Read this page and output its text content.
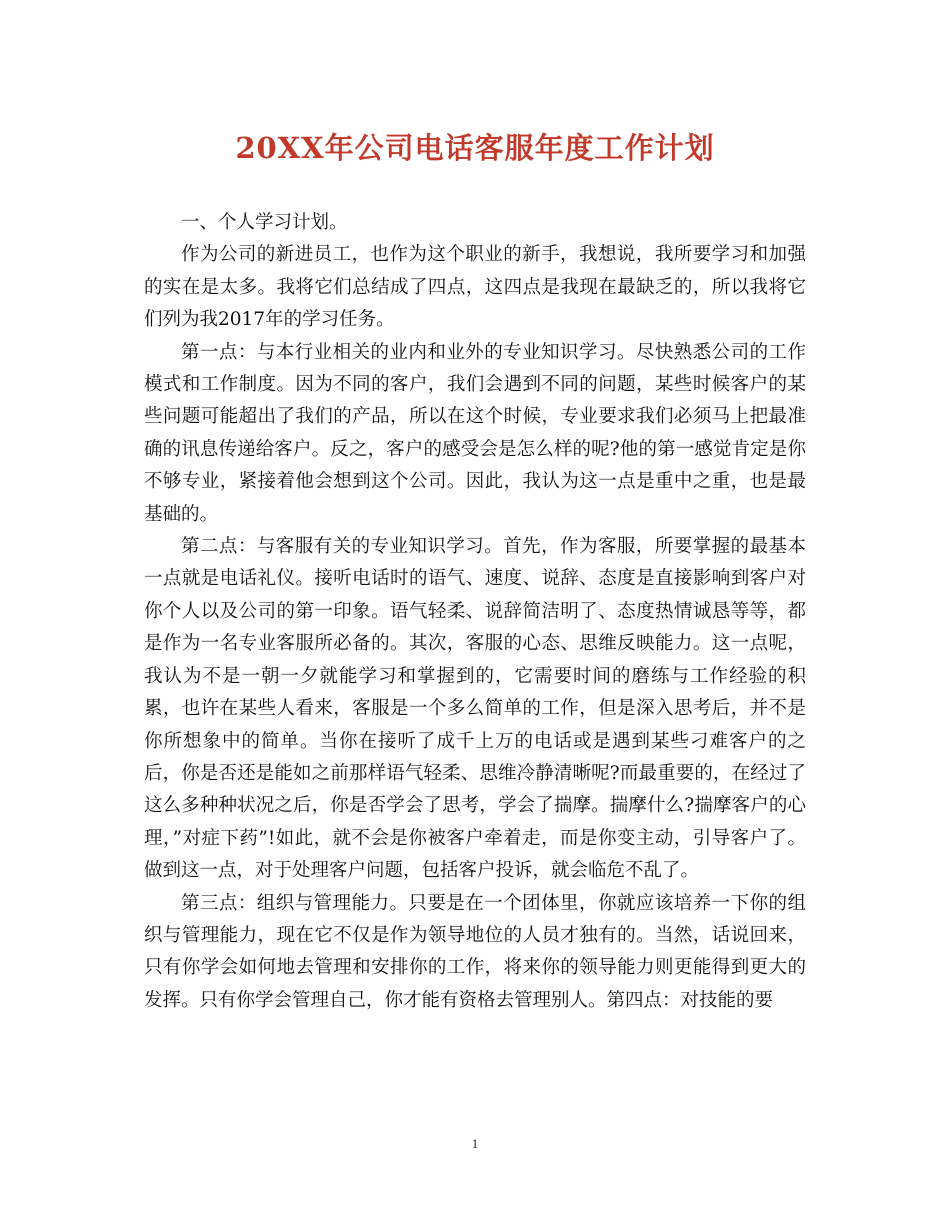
20XX年公司电话客服年度工作计划

一、个人学习计划。

作为公司的新进员工，也作为这个职业的新手，我想说，我所要学习和加强的实在是太多。我将它们总结成了四点，这四点是我现在最缺乏的，所以我将它们列为我2017年的学习任务。

第一点：与本行业相关的业内和业外的专业知识学习。尽快熟悉公司的工作模式和工作制度。因为不同的客户，我们会遇到不同的问题，某些时候客户的某些问题可能超出了我们的产品，所以在这个时候，专业要求我们必须马上把最准确的讯息传递给客户。反之，客户的感受会是怎么样的呢?他的第一感觉肯定是你不够专业，紧接着他会想到这个公司。因此，我认为这一点是重中之重，也是最基础的。

第二点：与客服有关的专业知识学习。首先，作为客服，所要掌握的最基本一点就是电话礼仪。接听电话时的语气、速度、说辞、态度是直接影响到客户对你个人以及公司的第一印象。语气轻柔、说辞简洁明了、态度热情诚恳等等，都是作为一名专业客服所必备的。其次，客服的心态、思维反映能力。这一点呢，我认为不是一朝一夕就能学习和掌握到的，它需要时间的磨练与工作经验的积累，也许在某些人看来，客服是一个多么简单的工作，但是深入思考后，并不是你所想象中的简单。当你在接听了成千上万的电话或是遇到某些刁难客户的之后，你是否还是能如之前那样语气轻柔、思维冷静清晰呢?而最重要的，在经过了这么多种种状况之后，你是否学会了思考，学会了揣摩。揣摩什么?揣摩客户的心理，”对症下药”!如此，就不会是你被客户牵着走，而是你变主动，引导客户了。做到这一点，对于处理客户问题，包括客户投诉，就会临危不乱了。

第三点：组织与管理能力。只要是在一个团体里，你就应该培养一下你的组织与管理能力，现在它不仅是作为领导地位的人员才独有的。当然，话说回来，只有你学会如何地去管理和安排你的工作，将来你的领导能力则更能得到更大的发挥。只有你学会管理自己，你才能有资格去管理别人。第四点：对技能的要

1
